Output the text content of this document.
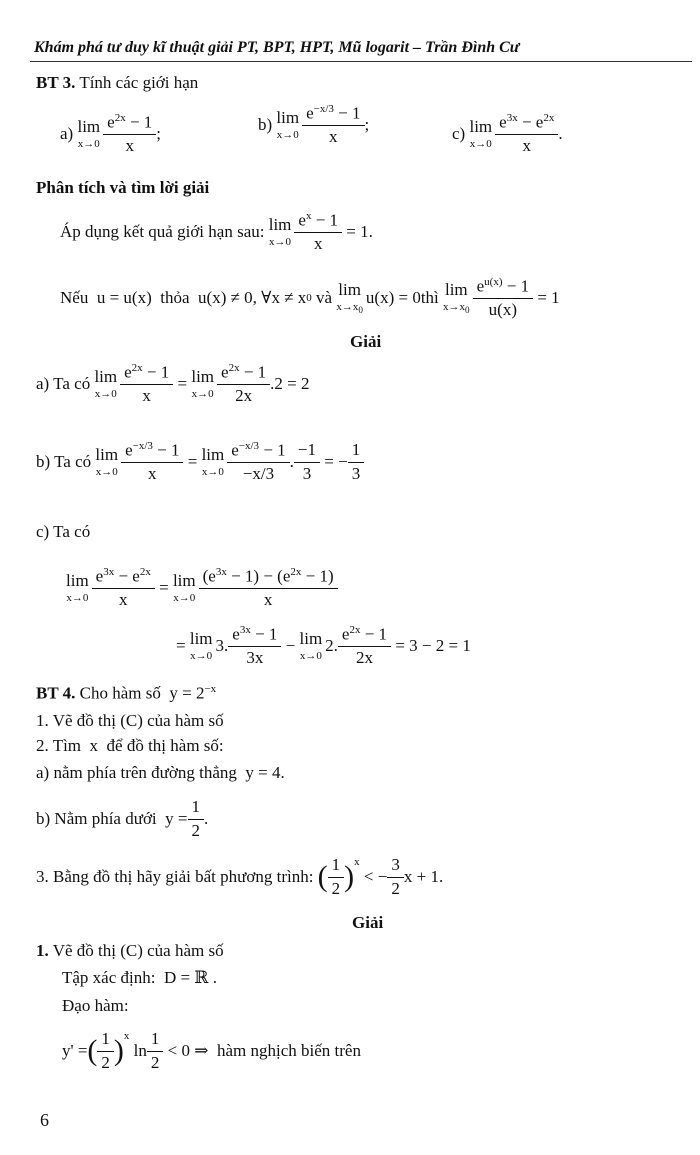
Khám phá tư duy kĩ thuật giải PT, BPT, HPT, Mũ logarit – Trần Đình Cư
BT 3. Tính các giới hạn
a)
lim
x→0
$e^{2x} - 1$
x
;	b)
lim
x→0
$e^{-x/3} - 1$
x
;	c)
lim
x→0
$e^{3x} - e^{2x}$
x
.
Phân tích và tìm lời giải
Áp dụng kết quả giới hạn sau:
lim
x→0
$e^x - 1$
x
= 1.
Nếu u = u(x) thỏa u(x) ≠ 0, ∀x ≠ x 0
và
lim
$x\to x_0$
u(x) = 0 thì
lim
$x\to x_0$
$e^{u(x)} - 1$
u(x)
= 1
Giải
a) Ta có
lim
x→0
$e^{2x} - 1$
x
= lim
x→0
$e^{2x} - 1$
2x
.2 = 2
b) Ta có
lim
x→0
$e^{-x/3} - 1$
x
= lim
x→0
$e^{-x/3} - 1$
−x/3
.
−1
3
= −
1
3
c) Ta có
lim
x→0
$e^{3x} - e^{2x}$
x
= lim
x→0
$(e^{3x} - 1) - (e^{2x} - 1)$
x
= lim
x→0
3.
$e^{3x} - 1$
3x
− lim
x→0
2.
$e^{2x} - 1$
2x
= 3 − 2 = 1
BT 4. Cho hàm số  $y = 2^{-x}$
1. Vẽ đồ thị (C) của hàm số
2. Tìm  x  để đồ thị hàm số:
a) nằm phía trên đường thẳng  y = 4.
b) Nằm phía dưới y =
1
2
.
3. Bằng đồ thị hãy giải bất phương trình:
( 1
2 )$^x$
< −
3
2
x + 1.
Giải
1. Vẽ đồ thị (C) của hàm số
Tập xác định:  D = ℝ .
Đạo hàm:
y' = ( 1
2 )$^x$
ln
1
2
< 0 ⇒ hàm nghịch biến trên
6
